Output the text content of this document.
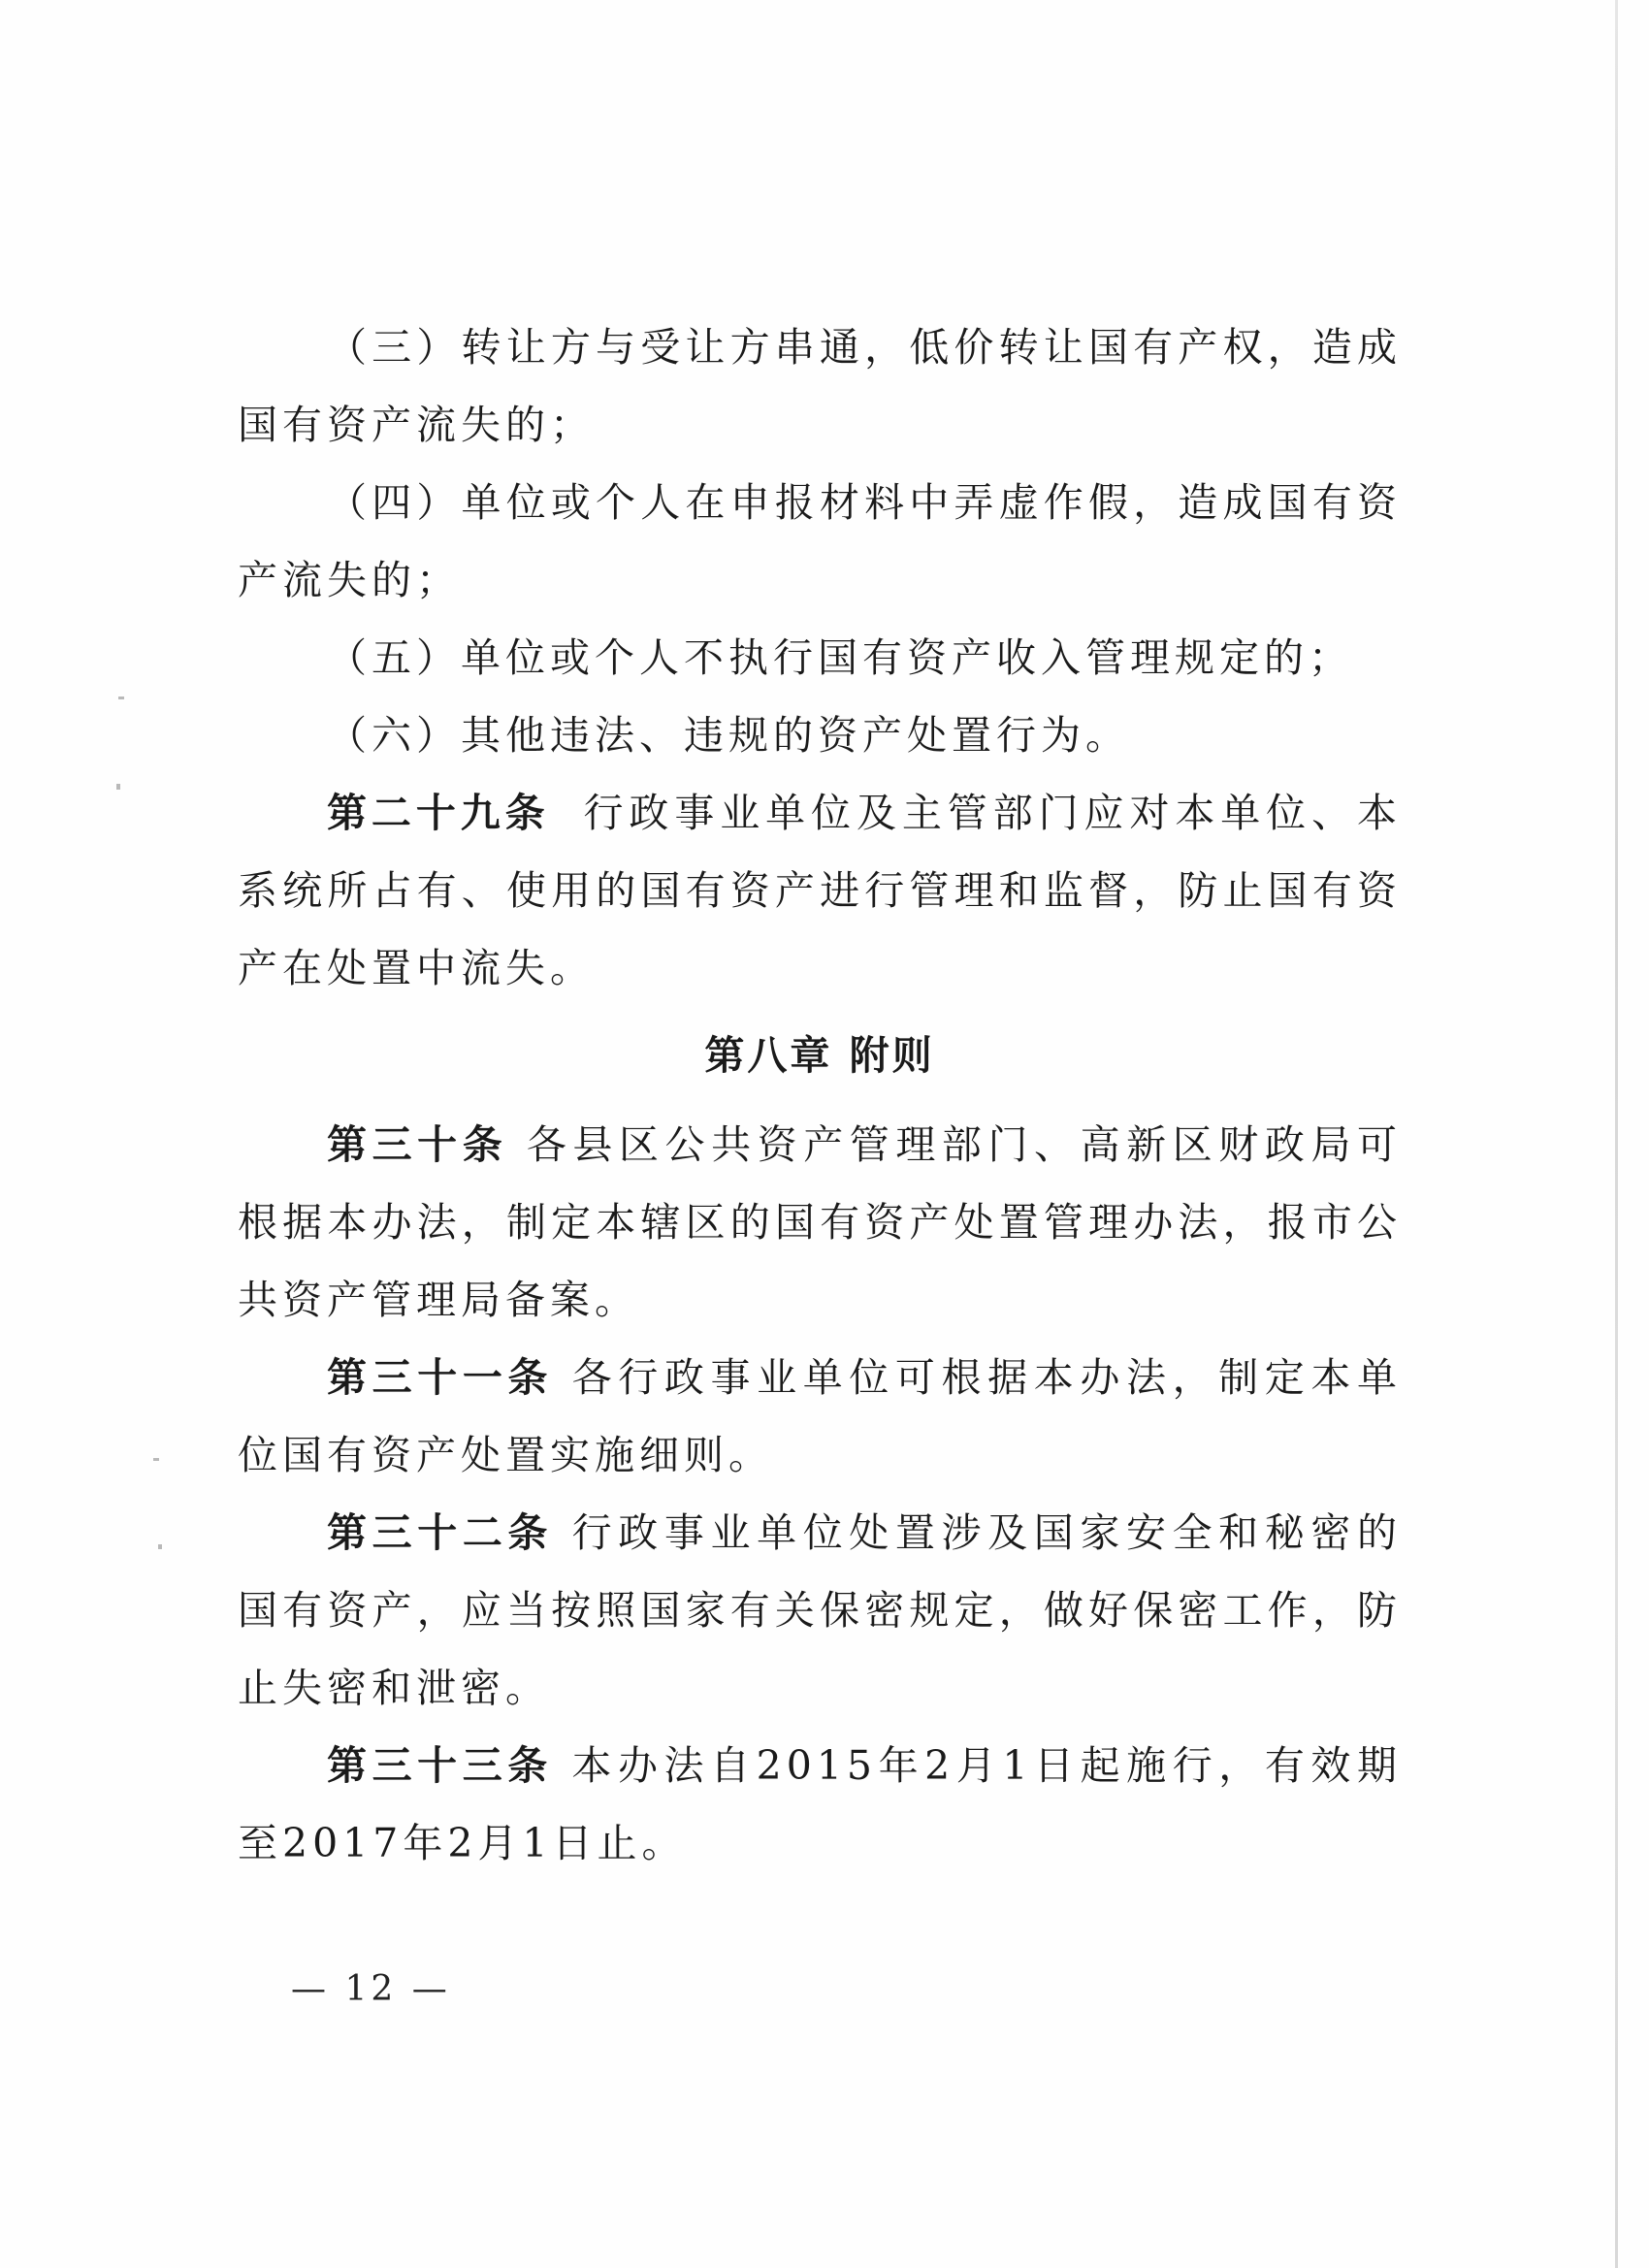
（三）转让方与受让方串通，低价转让国有产权，造成国有资产流失的；

（四）单位或个人在申报材料中弄虚作假，造成国有资产流失的；

（五）单位或个人不执行国有资产收入管理规定的；

（六）其他违法、违规的资产处置行为。

第二十九条 行政事业单位及主管部门应对本单位、本系统所占有、使用的国有资产进行管理和监督，防止国有资产在处置中流失。

第八章 附则

第三十条 各县区公共资产管理部门、高新区财政局可根据本办法，制定本辖区的国有资产处置管理办法，报市公共资产管理局备案。

第三十一条 各行政事业单位可根据本办法，制定本单位国有资产处置实施细则。

第三十二条 行政事业单位处置涉及国家安全和秘密的国有资产，应当按照国家有关保密规定，做好保密工作，防止失密和泄密。

第三十三条 本办法自2015年2月1日起施行，有效期至2017年2月1日止。

— 12 —
